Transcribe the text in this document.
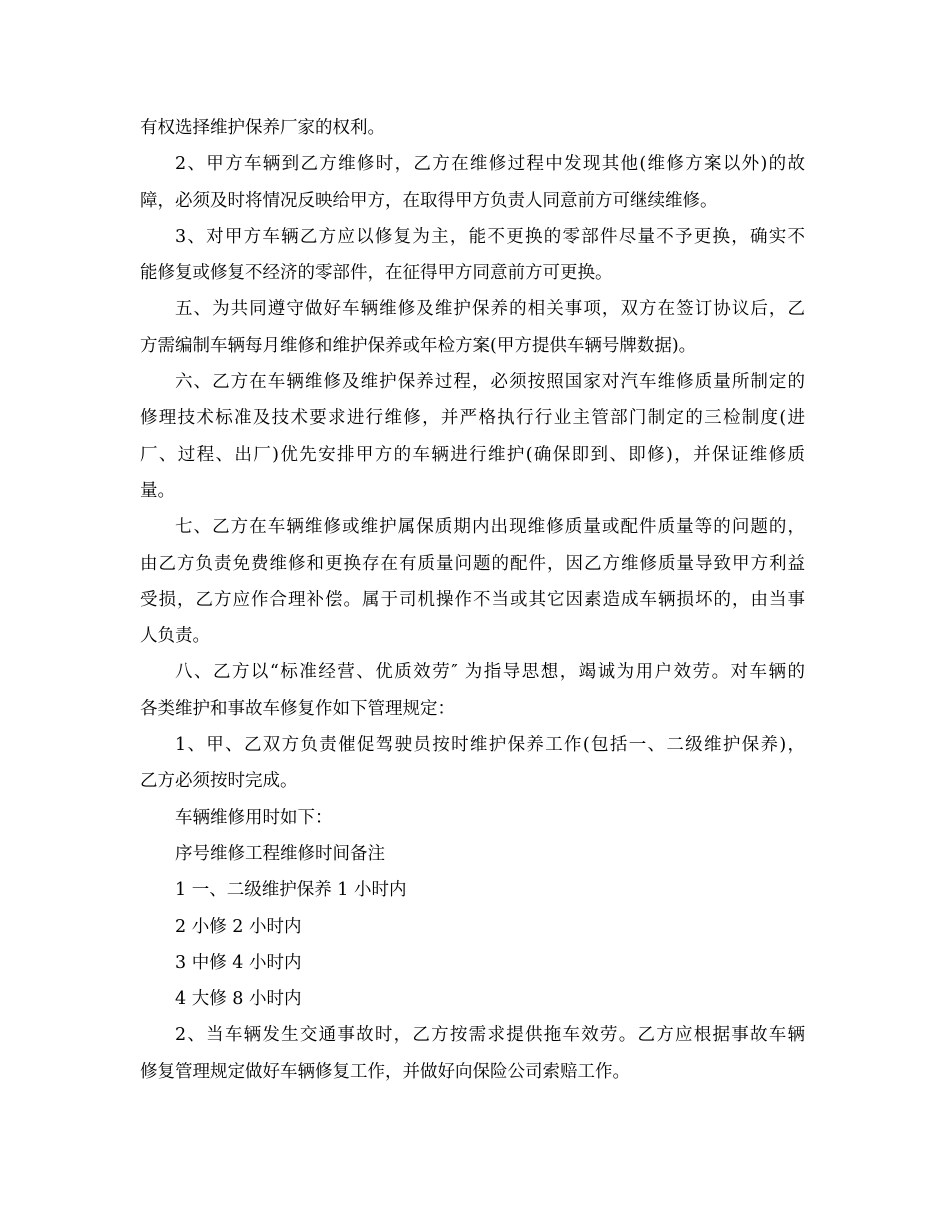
有权选择维护保养厂家的权利。

2、甲方车辆到乙方维修时，乙方在维修过程中发现其他(维修方案以外)的故
障，必须及时将情况反映给甲方，在取得甲方负责人同意前方可继续维修。

3、对甲方车辆乙方应以修复为主，能不更换的零部件尽量不予更换，确实不
能修复或修复不经济的零部件，在征得甲方同意前方可更换。

五、为共同遵守做好车辆维修及维护保养的相关事项，双方在签订协议后，乙
方需编制车辆每月维修和维护保养或年检方案(甲方提供车辆号牌数据)。

六、乙方在车辆维修及维护保养过程，必须按照国家对汽车维修质量所制定的
修理技术标准及技术要求进行维修，并严格执行行业主管部门制定的三检制度(进
厂、过程、出厂)优先安排甲方的车辆进行维护(确保即到、即修)，并保证维修质
量。

七、乙方在车辆维修或维护属保质期内出现维修质量或配件质量等的问题的，
由乙方负责免费维修和更换存在有质量问题的配件，因乙方维修质量导致甲方利益
受损，乙方应作合理补偿。属于司机操作不当或其它因素造成车辆损坏的，由当事
人负责。

八、乙方以“标准经营、优质效劳″ 为指导思想，竭诚为用户效劳。对车辆的
各类维护和事故车修复作如下管理规定：

1、甲、乙双方负责催促驾驶员按时维护保养工作(包括一、二级维护保养)，
乙方必须按时完成。

车辆维修用时如下：
序号维修工程维修时间备注
1 一、二级维护保养 1 小时内
2 小修 2 小时内
3 中修 4 小时内
4 大修 8 小时内

2、当车辆发生交通事故时，乙方按需求提供拖车效劳。乙方应根据事故车辆
修复管理规定做好车辆修复工作，并做好向保险公司索赔工作。
